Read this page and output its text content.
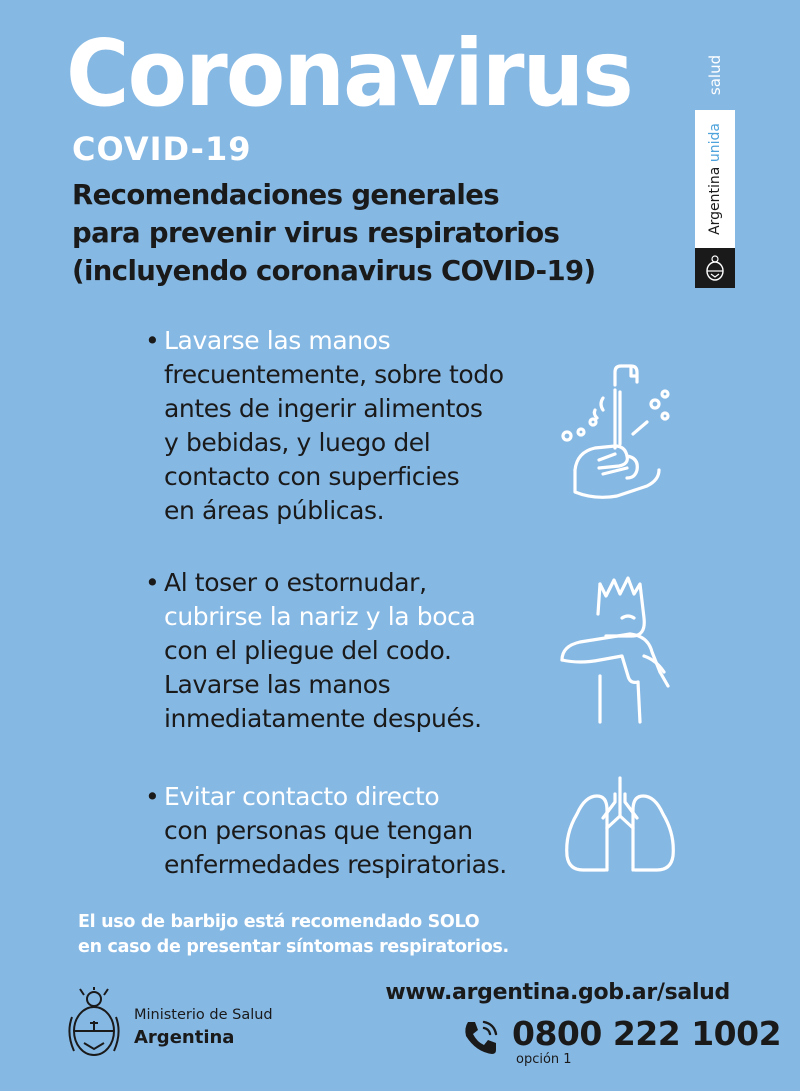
Coronavirus
COVID-19
Recomendaciones generales
para prevenir virus respiratorios
(incluyendo coronavirus COVID-19)
salud
Argentina unida
• Lavarse las manos
frecuentemente, sobre todo
antes de ingerir alimentos
y bebidas, y luego del
contacto con superficies
en áreas públicas.
• Al toser o estornudar,
cubrirse la nariz y la boca
con el pliegue del codo.
Lavarse las manos
inmediatamente después.
• Evitar contacto directo
con personas que tengan
enfermedades respiratorias.
El uso de barbijo está recomendado SOLO
en caso de presentar síntomas respiratorios.
Ministerio de Salud
Argentina
www.argentina.gob.ar/salud
0800 222 1002
opción 1
